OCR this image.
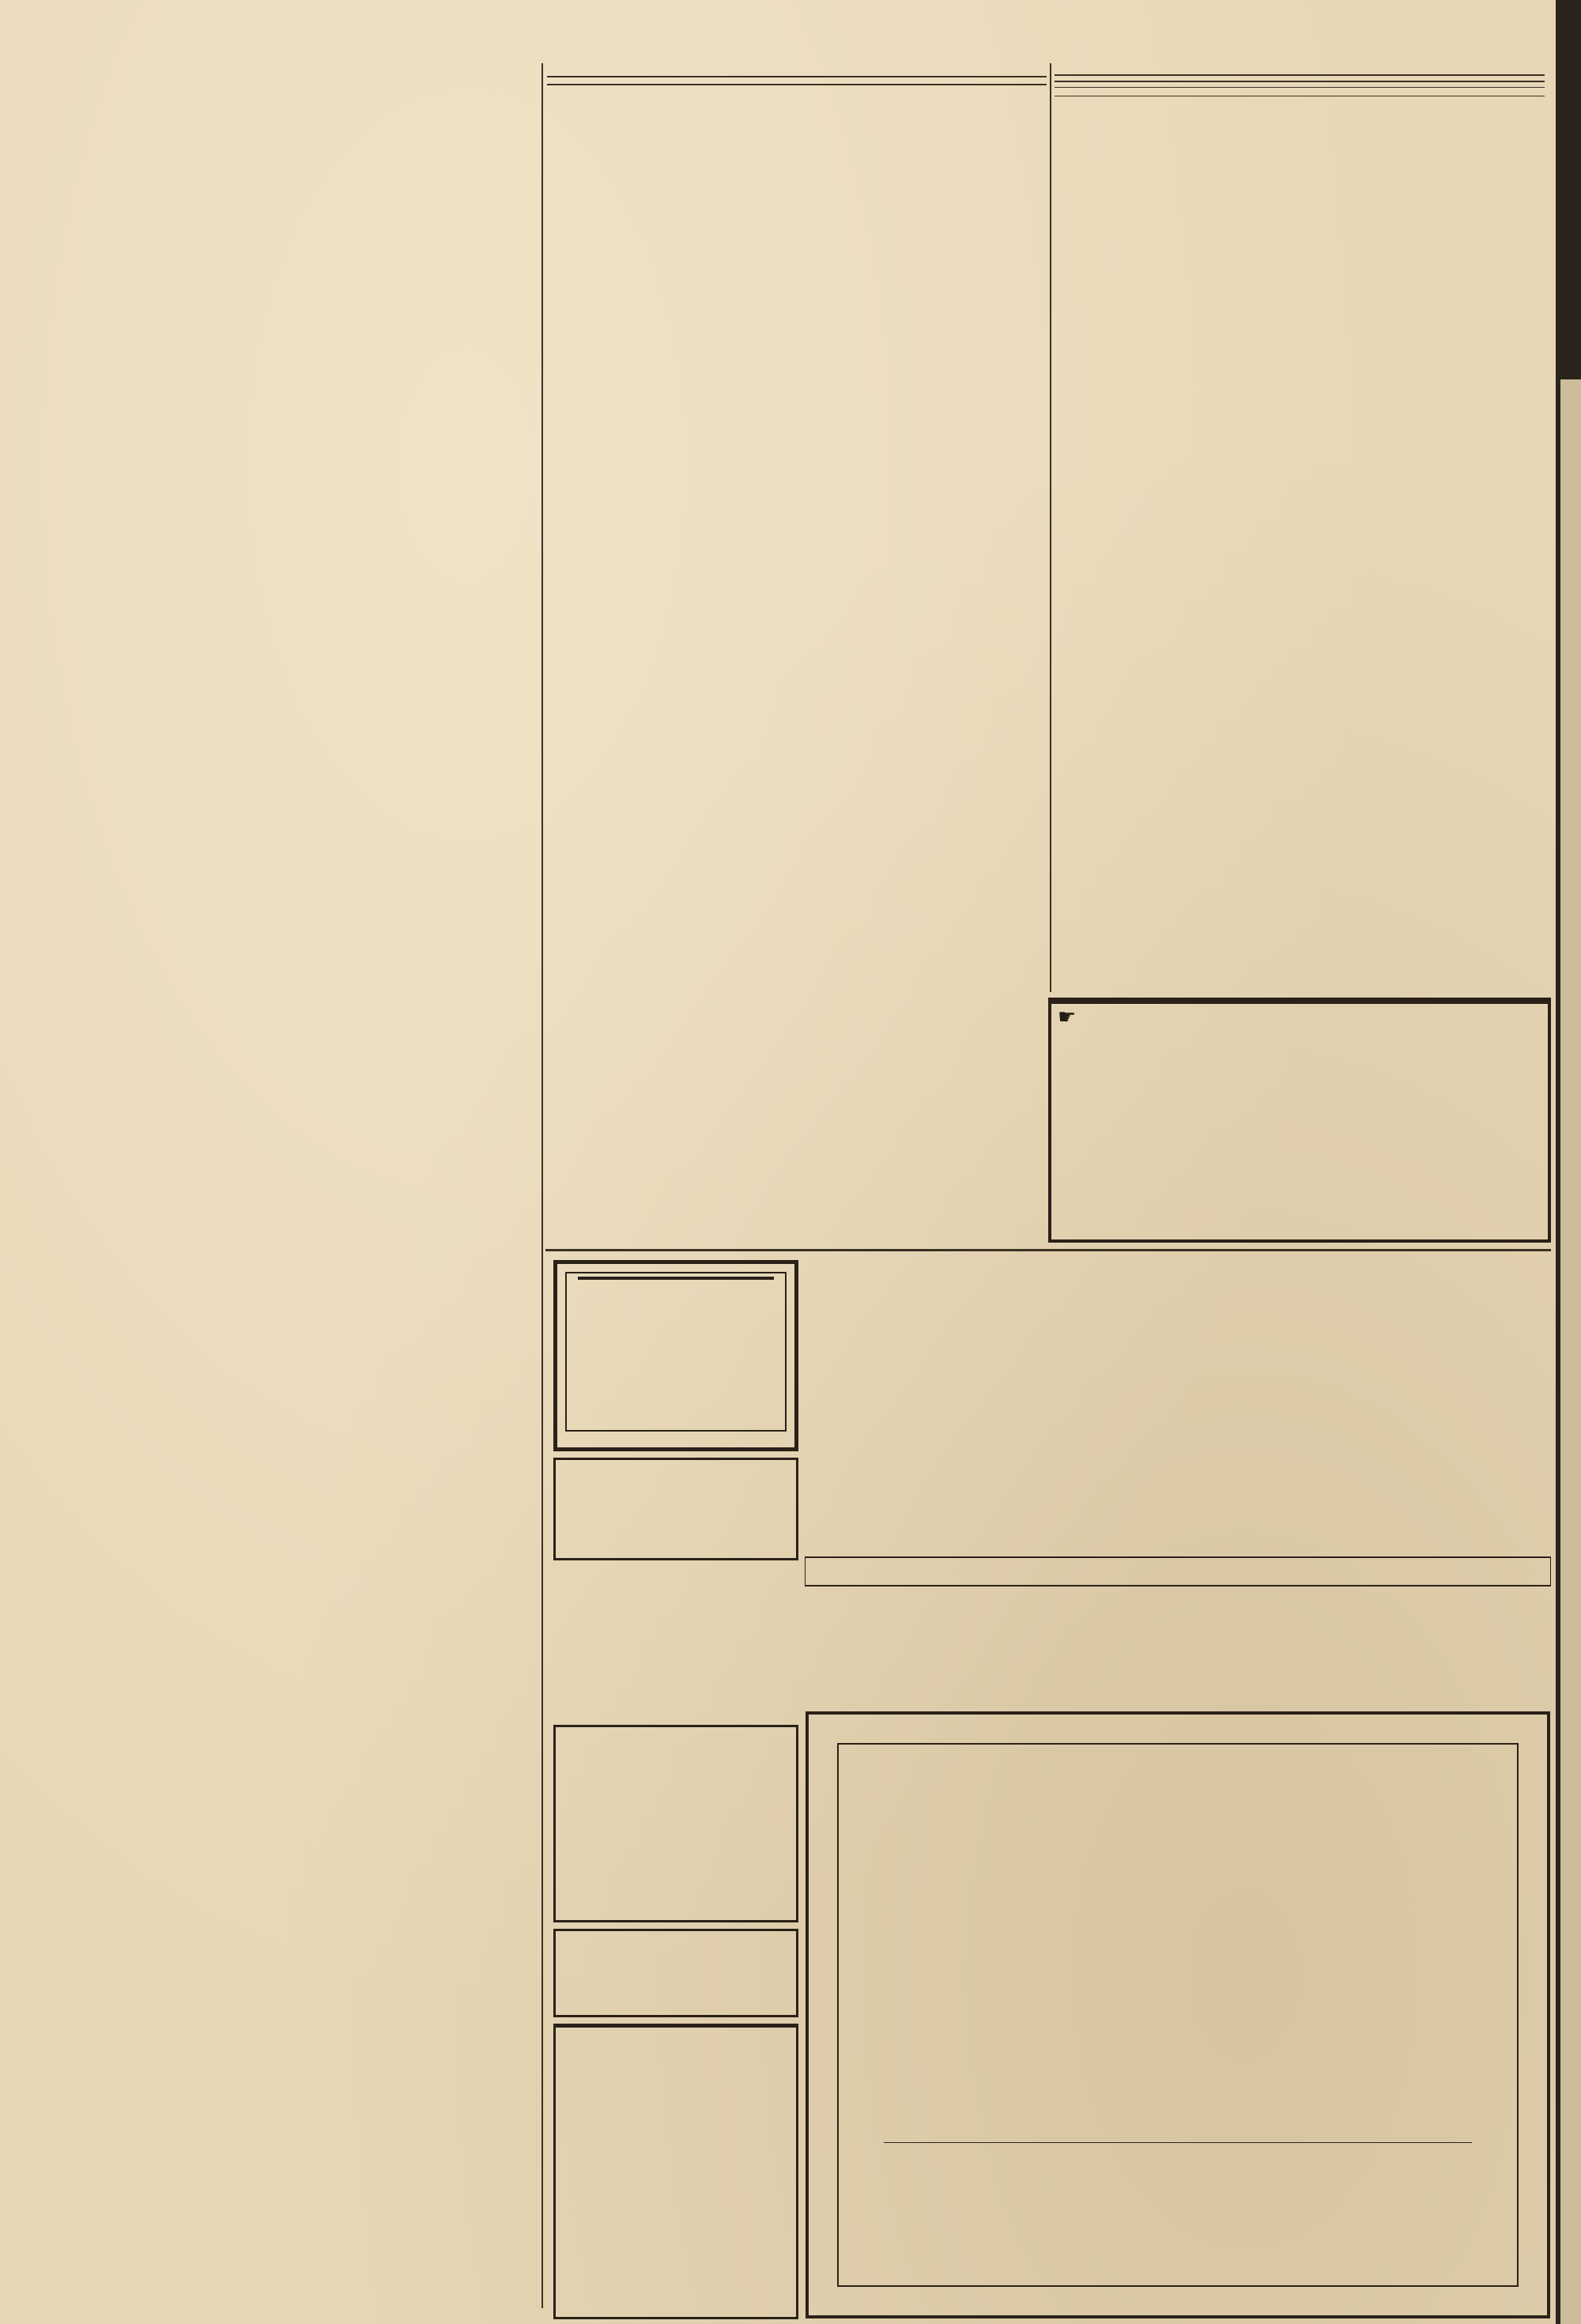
☛
